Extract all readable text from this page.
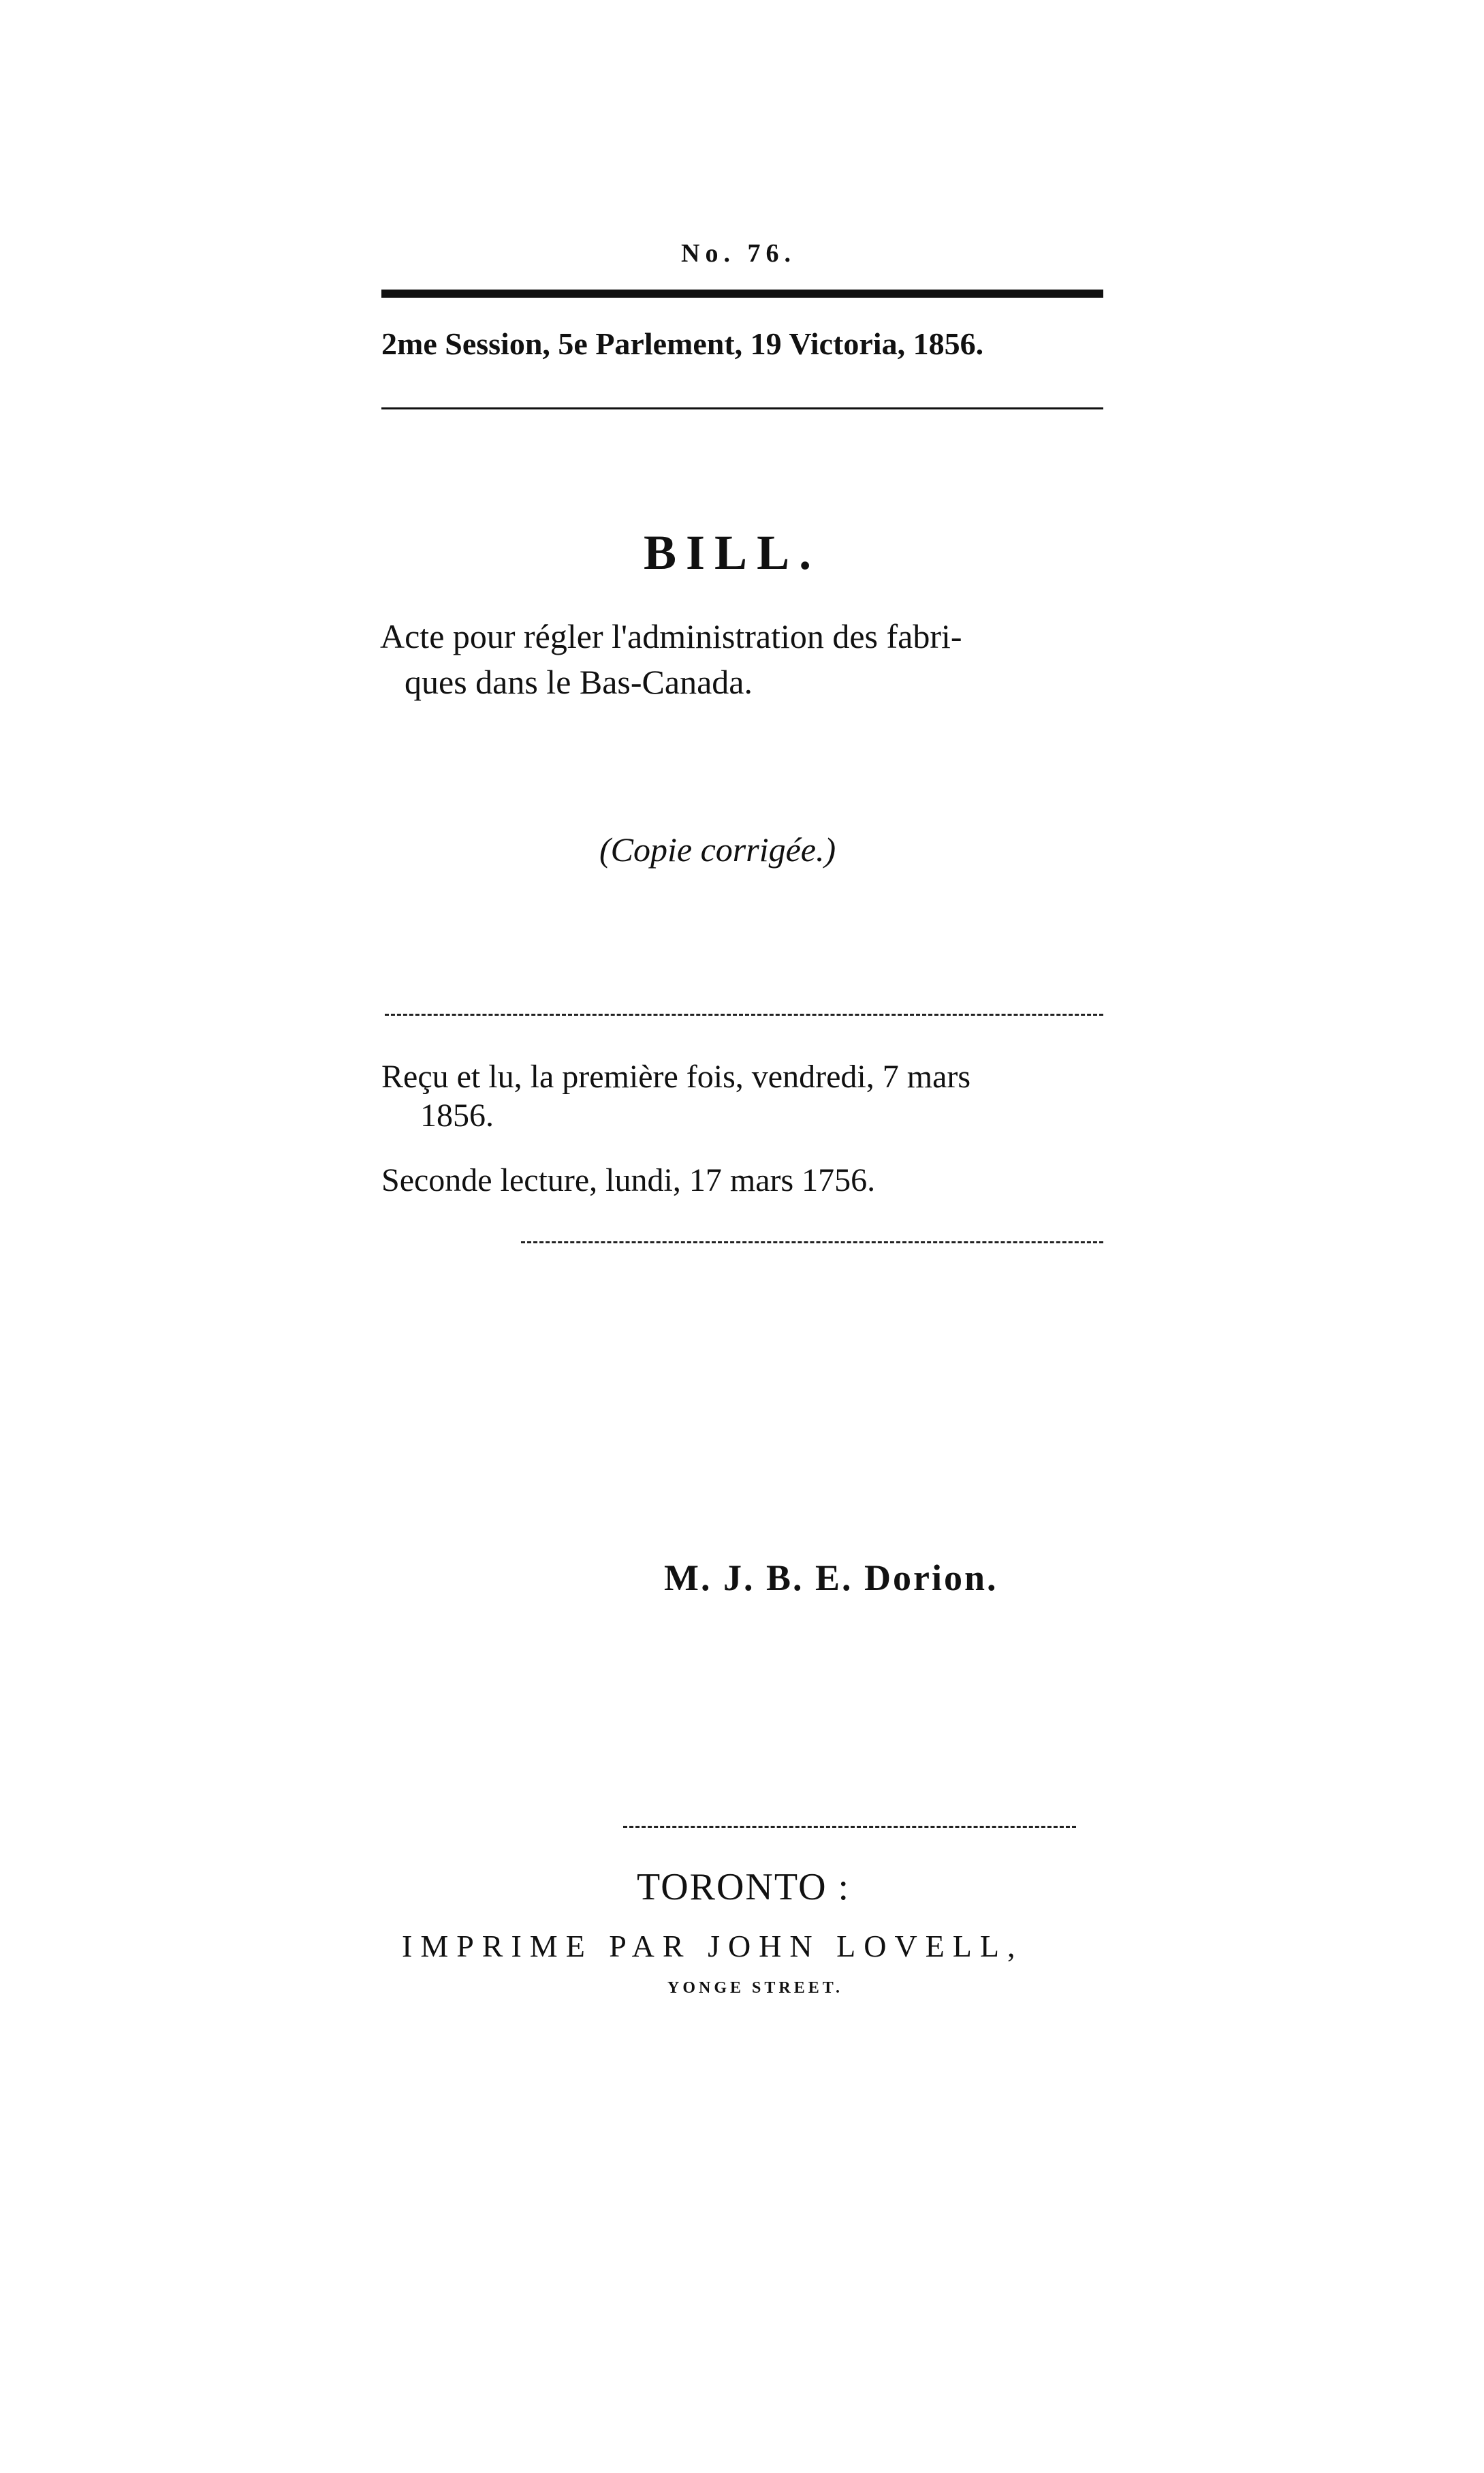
No. 76.
2me Session, 5e Parlement, 19 Victoria, 1856.
BILL.
Acte pour régler l'administration des fabri-
ques dans le Bas-Canada.
(Copie corrigée.)
Reçu et lu, la première fois, vendredi, 7 mars
1856.
Seconde lecture, lundi, 17 mars 1756.
M. J. B. E. Dorion.
TORONTO :
IMPRIME PAR JOHN LOVELL,
YONGE STREET.
